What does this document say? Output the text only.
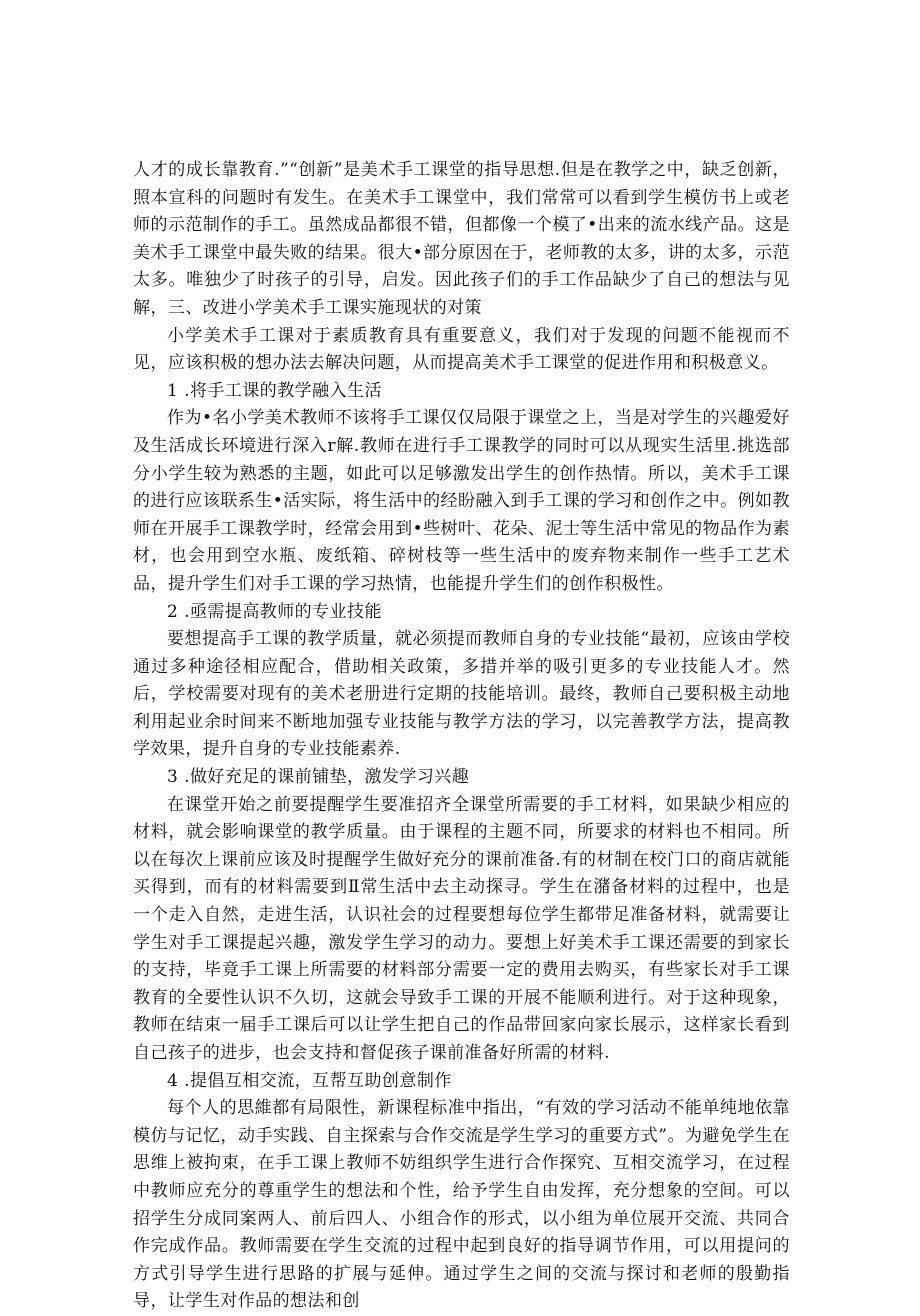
人才的成长靠教育.”“创新”是美术手工课堂的指导思想.但是在教学之中，缺乏创新，照本宣科的问题时有发生。在美术手工课堂中，我们常常可以看到学生模仿书上或老师的示范制作的手工。虽然成品都很不错，但都像一个模了•出来的流水线产品。这是美术手工课堂中最失败的结果。很大•部分原因在于，老师教的太多，讲的太多，示范太多。唯独少了时孩子的引导，启发。因此孩子们的手工作品缺少了自己的想法与见解，三、改进小学美术手工课实施现状的对策

小学美术手工课对于素质教育具有重要意义，我们对于发现的问题不能视而不见，应该积极的想办法去解决问题，从而提高美术手工课堂的促进作用和积极意义。

1 .将手工课的教学融入生活

作为•名小学美术教师不该将手工课仅仅局限于课堂之上，当是对学生的兴趣爱好及生活成长环境进行深入r解.教师在进行手工课教学的同时可以从现实生活里.挑选部分小学生较为熟悉的主题，如此可以足够激发出学生的创作热情。所以，美术手工课的进行应该联系生•活实际，将生活中的经盼融入到手工课的学习和创作之中。例如教师在开展手工课教学时，经常会用到•些树叶、花朵、泥士等生活中常见的物品作为素材，也会用到空水瓶、废纸箱、碎树枝等一些生活中的废弃物来制作一些手工艺术品，提升学生们对手工课的学习热情，也能提升学生们的创作积极性。

2 .亟需提高教师的专业技能

要想提高手工课的教学质量，就必须提而教师自身的专业技能“最初，应该由学校通过多种途径相应配合，借助相关政策，多措并举的吸引更多的专业技能人才。然后，学校需要对现有的美术老册进行定期的技能培训。最终，教师自己要积极主动地利用起业余时间来不断地加强专业技能与教学方法的学习，以完善教学方法，提高教学效果，提升自身的专业技能素养.

3 .做好充足的课前铺垫，激发学习兴趣

在课堂开始之前要提醒学生要准招齐全课堂所需要的手工材料，如果缺少相应的材料，就会影响课堂的教学质量。由于课程的主题不同，所要求的材料也不相同。所以在每次上课前应该及时提醒学生做好充分的课前准备.有的材制在校门口的商店就能买得到，而有的材料需要到Ⅱ常生活中去主动探寻。学生在潴备材料的过程中，也是一个走入自然，走进生活，认识社会的过程要想每位学生都带足准备材料，就需要让学生对手工课提起兴趣，激发学生学习的动力。要想上好美术手工课还需要的到家长的支持，毕竟手工课上所需要的材料部分需要一定的费用去购买，有些家长对手工课教育的全要性认识不久切，这就会导致手工课的开展不能顺利进行。对于这种现象，教师在结束一届手工课后可以让学生把自己的作品带回家向家长展示，这样家长看到自己孩子的进步，也会支持和督促孩子课前准备好所需的材料.

4 .提倡互相交流，互帮互助创意制作

每个人的思維都有局限性，新课程标准中指出，“有效的学习活动不能单纯地依靠模仿与记忆，动手实践、自主探索与合作交流是学生学习的重要方式”。为避免学生在思维上被拘束，在手工课上教师不妨组织学生进行合作探究、互相交流学习，在过程中教师应充分的尊重学生的想法和个性，给予学生自由发挥，充分想象的空间。可以招学生分成同案两人、前后四人、小组合作的形式，以小组为单位展开交流、共同合作完成作品。教师需要在学生交流的过程中起到良好的指导调节作用，可以用提问的方式引导学生进行思路的扩展与延伸。通过学生之间的交流与探讨和老师的殷勤指导，让学生对作品的想法和创
